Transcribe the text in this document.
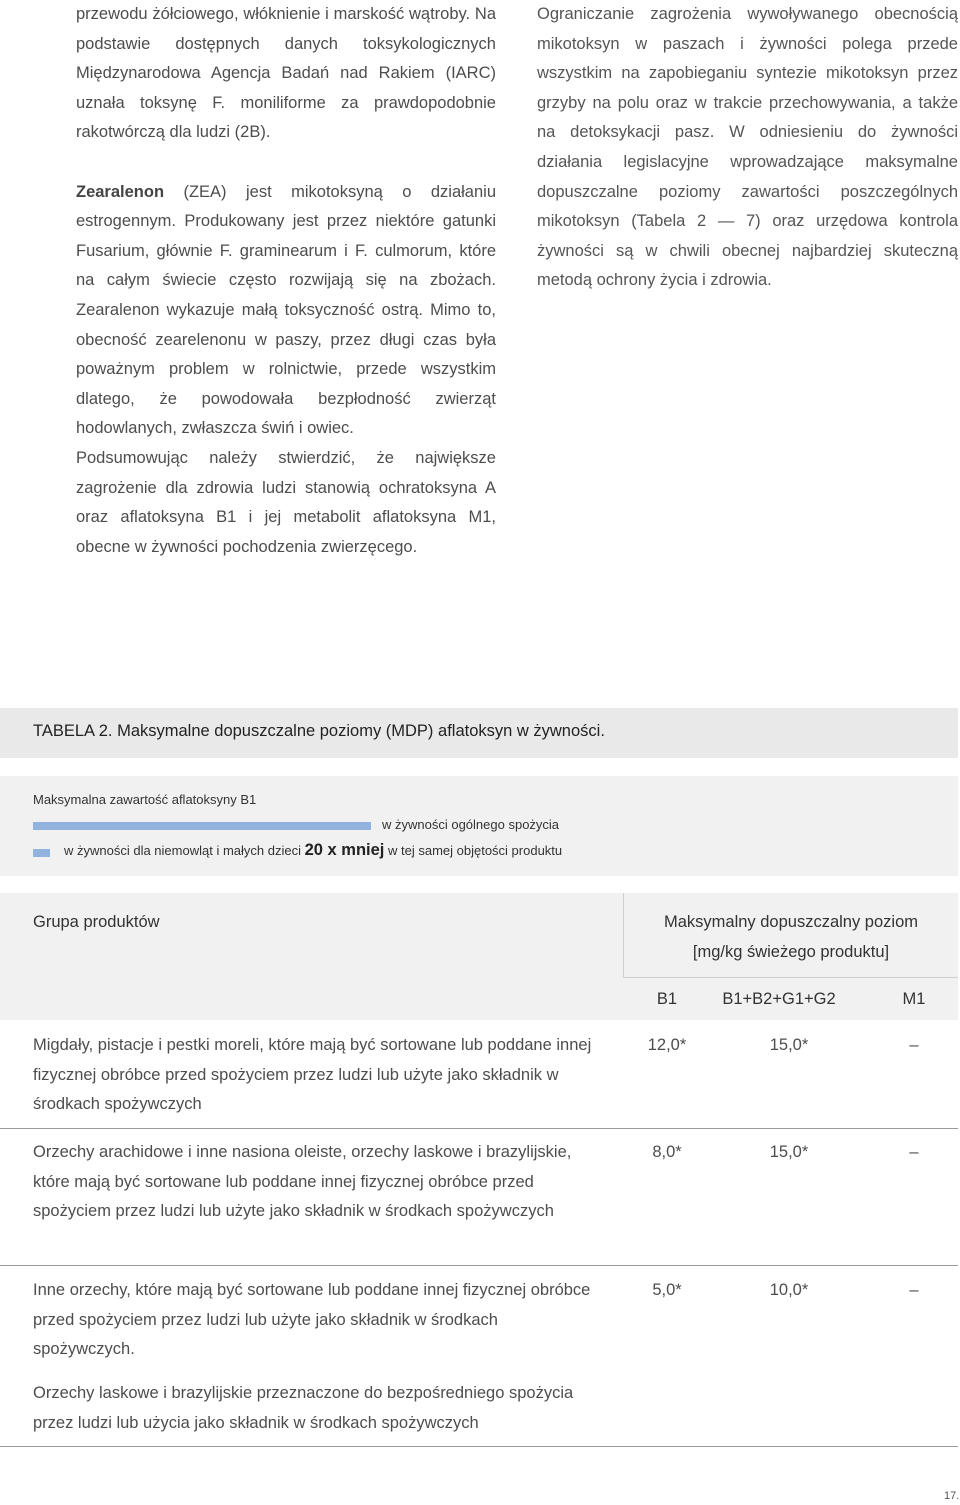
przewodu żółciowego, włóknienie i marskość wątroby. Na podstawie dostępnych danych toksykologicznych Międzynarodowa Agencja Badań nad Rakiem (IARC) uznała toksynę F. moniliforme za prawdopodobnie rakotwórczą dla ludzi (2B).

Zearalenon (ZEA) jest mikotoksyną o działaniu estrogennym. Produkowany jest przez niektóre gatunki Fusarium, głównie F. graminearum i F. culmorum, które na całym świecie często rozwijają się na zbożach. Zearalenon wykazuje małą toksyczność ostrą. Mimo to, obecność zearelenonu w paszy, przez długi czas była poważnym problem w rolnictwie, przede wszystkim dlatego, że powodowała bezpłodność zwierząt hodowlanych, zwłaszcza świń i owiec.

Podsumowując należy stwierdzić, że największe zagrożenie dla zdrowia ludzi stanowią ochratoksyna A oraz aflatoksyna B1 i jej metabolit aflatoksyna M1, obecne w żywności pochodzenia zwierzęcego.

Ograniczanie zagrożenia wywoływanego obecnością mikotoksyn w paszach i żywności polega przede wszystkim na zapobieganiu syntezie mikotoksyn przez grzyby na polu oraz w trakcie przechowywania, a także na detoksykacji pasz. W odniesieniu do żywności działania legislacyjne wprowadzające maksymalne dopuszczalne poziomy zawartości poszczególnych mikotoksyn (Tabela 2 — 7) oraz urzędowa kontrola żywności są w chwili obecnej najbardziej skuteczną metodą ochrony życia i zdrowia.

TABELA 2. Maksymalne dopuszczalne poziomy (MDP) aflatoksyn w żywności.
Maksymalna zawartość aflatoksyny B1
w żywności ogólnego spożycia
w żywności dla niemowląt i małych dzieci 20 x mniej w tej samej objętości produktu
Grupa produktów	Maksymalny dopuszczalny poziom
[mg/kg świeżego produktu]
B1	B1+B2+G1+G2	M1
Migdały, pistacje i pestki moreli, które mają być sortowane lub poddane innej fizycznej obróbce przed spożyciem przez ludzi lub użyte jako składnik w środkach spożywczych
12,0*	15,0*	–
Orzechy arachidowe i inne nasiona oleiste, orzechy laskowe i brazylijskie, które mają być sortowane lub poddane innej fizycznej obróbce przed spożyciem przez ludzi lub użyte jako składnik w środkach spożywczych
8,0*	15,0*	–
Inne orzechy, które mają być sortowane lub poddane innej fizycznej obróbce przed spożyciem przez ludzi lub użyte jako składnik w środkach spożywczych.
5,0*	10,0*	–
Orzechy laskowe i brazylijskie przeznaczone do bezpośredniego spożycia przez ludzi lub użycia jako składnik w środkach spożywczych
17.
